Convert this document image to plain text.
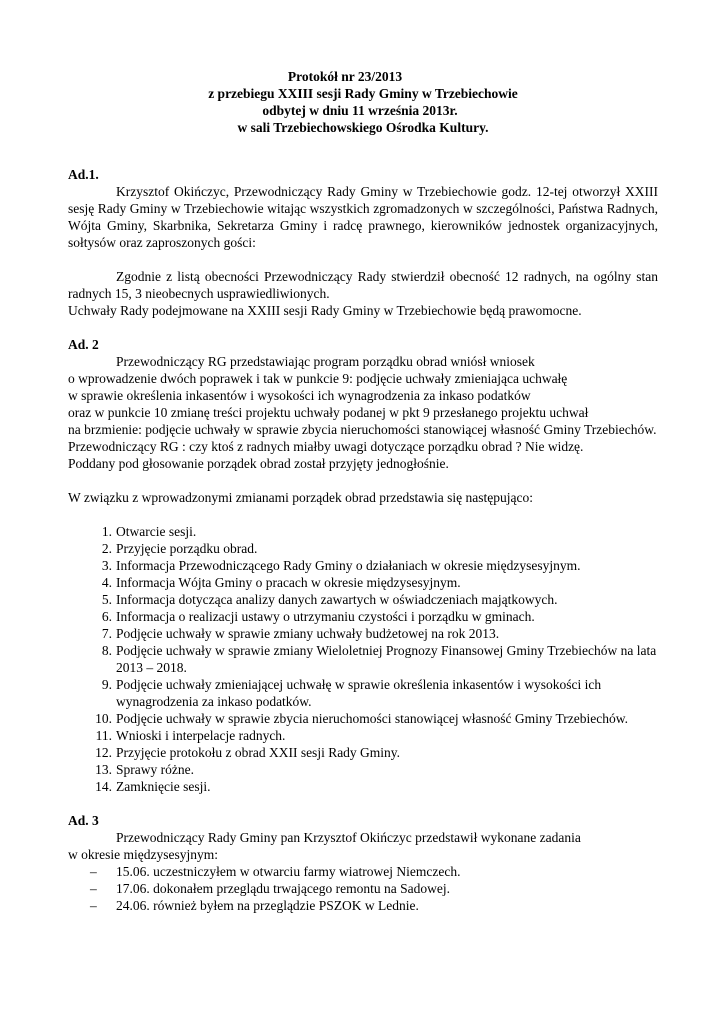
Protokół nr 23/2013
z przebiegu XXIII sesji Rady Gminy w Trzebiechowie
odbytej w dniu 11 września 2013r.
w sali Trzebiechowskiego Ośrodka Kultury.

Ad.1.

Krzysztof Okińczyc, Przewodniczący Rady Gminy w Trzebiechowie godz. 12-tej otworzył XXIII sesję Rady Gminy w Trzebiechowie witając wszystkich zgromadzonych w szczególności, Państwa Radnych, Wójta Gminy, Skarbnika, Sekretarza Gminy i radcę prawnego, kierowników jednostek organizacyjnych, sołtysów oraz zaproszonych gości:

Zgodnie z listą obecności Przewodniczący Rady stwierdził obecność 12 radnych, na ogólny stan radnych 15, 3 nieobecnych usprawiedliwionych.

Uchwały Rady podejmowane na XXIII sesji Rady Gminy w Trzebiechowie będą prawomocne.

Ad. 2

Przewodniczący RG przedstawiając program porządku obrad wniósł wniosek

o wprowadzenie dwóch poprawek i tak w punkcie 9: podjęcie uchwały zmieniająca uchwałę

w sprawie określenia inkasentów i wysokości ich wynagrodzenia za inkaso podatków

oraz w punkcie 10 zmianę treści projektu uchwały podanej w pkt 9 przesłanego projektu uchwał

na brzmienie: podjęcie uchwały w sprawie zbycia nieruchomości stanowiącej własność Gminy Trzebiechów.

Przewodniczący RG : czy ktoś z radnych miałby uwagi dotyczące porządku obrad ? Nie widzę.

Poddany pod głosowanie porządek obrad został przyjęty jednogłośnie.

W związku z wprowadzonymi zmianami porządek obrad przedstawia się następująco:

1. Otwarcie sesji.
2. Przyjęcie porządku obrad.
3. Informacja Przewodniczącego Rady Gminy o działaniach w okresie międzysesyjnym.
4. Informacja Wójta Gminy o pracach w okresie międzysesyjnym.
5. Informacja dotycząca analizy danych zawartych w oświadczeniach majątkowych.
6. Informacja o realizacji ustawy o utrzymaniu czystości i porządku w gminach.
7. Podjęcie uchwały w sprawie zmiany uchwały budżetowej na rok 2013.
8. Podjęcie uchwały w sprawie zmiany Wieloletniej Prognozy Finansowej Gminy Trzebiechów na lata 2013 – 2018.
9. Podjęcie uchwały zmieniającej uchwałę w sprawie określenia inkasentów i wysokości ich wynagrodzenia za inkaso podatków.
10. Podjęcie uchwały w sprawie zbycia nieruchomości stanowiącej własność Gminy Trzebiechów.
11. Wnioski i interpelacje radnych.
12. Przyjęcie protokołu z obrad XXII sesji Rady Gminy.
13. Sprawy różne.
14. Zamknięcie sesji.

Ad. 3

Przewodniczący Rady Gminy pan Krzysztof Okińczyc przedstawił wykonane zadania

w okresie międzysesyjnym:

– 15.06. uczestniczyłem w otwarciu farmy wiatrowej Niemczech.
– 17.06. dokonałem przeglądu trwającego remontu na Sadowej.
– 24.06. również byłem na przeglądzie PSZOK w Lednie.
